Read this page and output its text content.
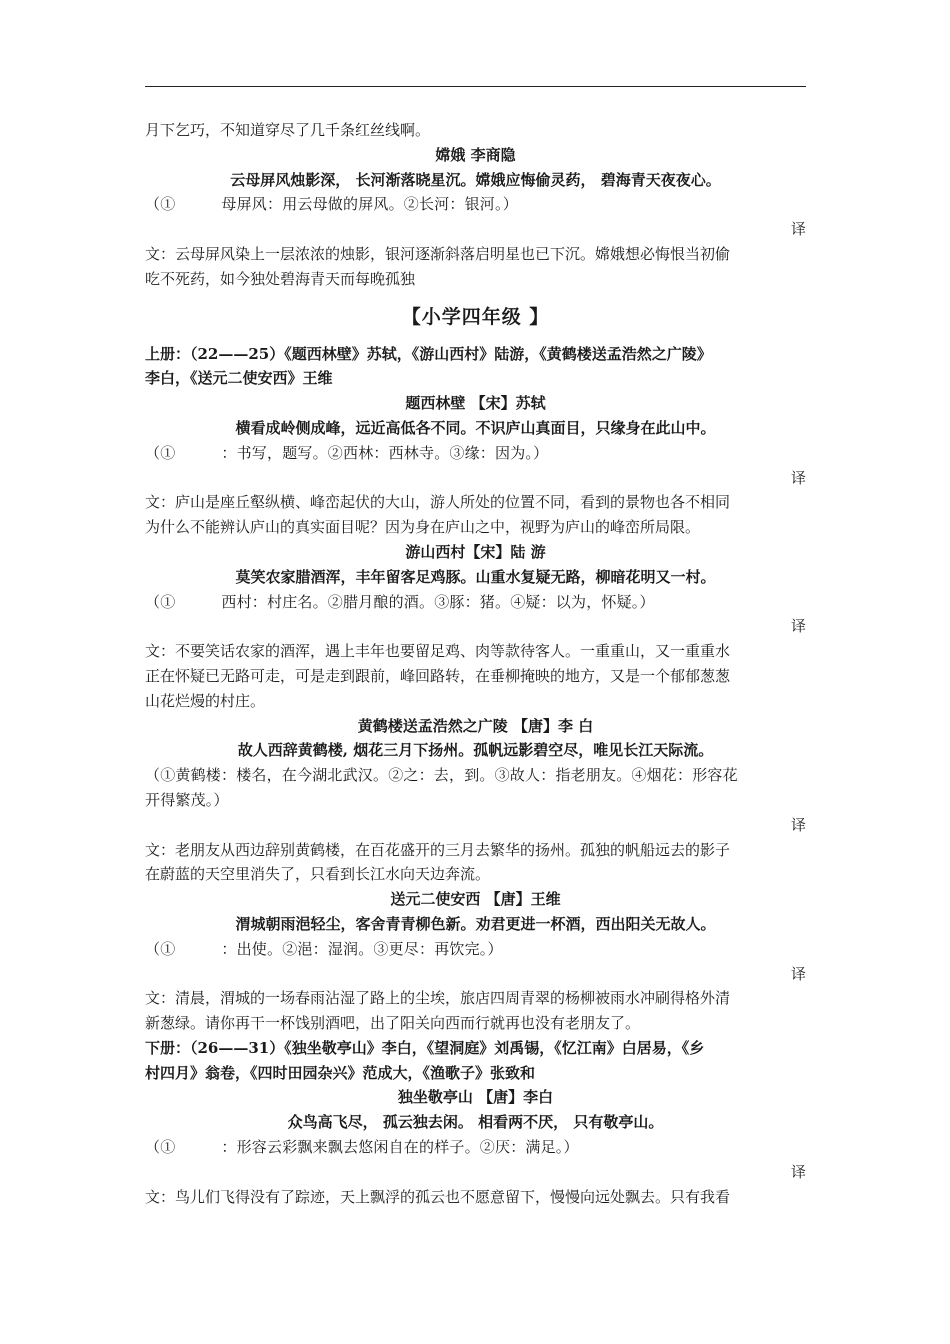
月下乞巧，不知道穿尽了几千条红丝线啊。
嫦娥 李商隐
云母屏风烛影深， 长河渐落晓星沉。嫦娥应悔偷灵药， 碧海青天夜夜心。
（①	母屏风：用云母做的屏风。②长河：银河。）
译
文：云母屏风染上一层浓浓的烛影，银河逐渐斜落启明星也已下沉。嫦娥想必悔恨当初偷
吃不死药，如今独处碧海青天而每晚孤独
【小学四年级 】
上册：（22——25）《题西林壁》苏轼，《游山西村》陆游，《黄鹤楼送孟浩然之广陵》
李白，《送元二使安西》王维
题西林壁 【宋】苏轼
横看成岭侧成峰，远近高低各不同。不识庐山真面目，只缘身在此山中。
（①	：书写，题写。②西林：西林寺。③缘：因为。）
译
文：庐山是座丘壑纵横、峰峦起伏的大山，游人所处的位置不同，看到的景物也各不相同
为什么不能辨认庐山的真实面目呢？因为身在庐山之中，视野为庐山的峰峦所局限。
游山西村【宋】陆 游
莫笑农家腊酒浑，丰年留客足鸡豚。山重水复疑无路，柳暗花明又一村。
（①	西村：村庄名。②腊月酿的酒。③豚：猪。④疑：以为，怀疑。）
译
文：不要笑话农家的酒浑，遇上丰年也要留足鸡、肉等款待客人。一重重山，又一重重水
正在怀疑已无路可走，可是走到跟前，峰回路转，在垂柳掩映的地方，又是一个郁郁葱葱
山花烂熳的村庄。
黄鹤楼送孟浩然之广陵 【唐】李 白
故人西辞黄鹤楼, 烟花三月下扬州。孤帆远影碧空尽，唯见长江天际流。
（①黄鹤楼：楼名，在今湖北武汉。②之：去，到。③故人：指老朋友。④烟花：形容花
开得繁茂。）
译
文：老朋友从西边辞别黄鹤楼，在百花盛开的三月去繁华的扬州。孤独的帆船远去的影子
在蔚蓝的天空里消失了，只看到长江水向天边奔流。
送元二使安西 【唐】王维
渭城朝雨浥轻尘，客舍青青柳色新。劝君更进一杯酒，西出阳关无故人。
（①	：出使。②浥：湿润。③更尽：再饮完。）
译
文：清晨，渭城的一场春雨沾湿了路上的尘埃，旅店四周青翠的杨柳被雨水冲刷得格外清
新葱绿。请你再干一杯饯别酒吧，出了阳关向西而行就再也没有老朋友了。
下册：（26——31）《独坐敬亭山》李白，《望洞庭》刘禹锡，《忆江南》白居易，《乡
村四月》翁卷，《四时田园杂兴》范成大，《渔歌子》张致和
独坐敬亭山 【唐】李白
众鸟高飞尽， 孤云独去闲。 相看两不厌， 只有敬亭山。
（①	：形容云彩飘来飘去悠闲自在的样子。②厌：满足。）
译
文：鸟儿们飞得没有了踪迹，天上飘浮的孤云也不愿意留下，慢慢向远处飘去。只有我看
